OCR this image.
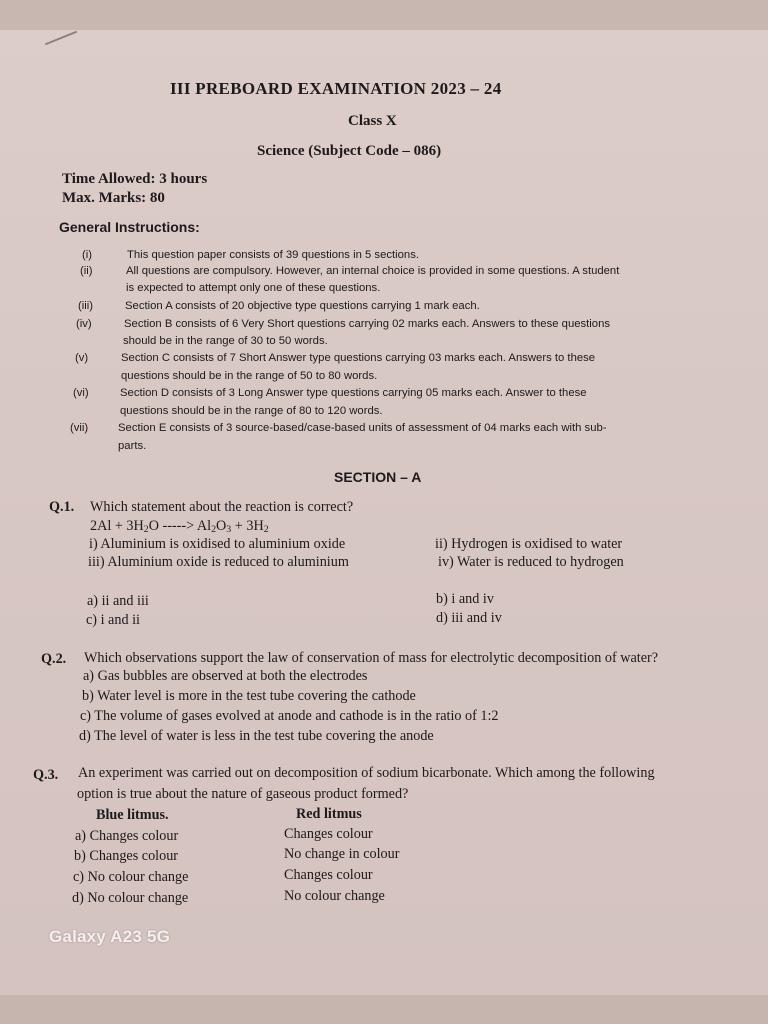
III PREBOARD EXAMINATION 2023 – 24
Class X
Science (Subject Code – 086)
Time Allowed: 3 hours
Max. Marks: 80
General Instructions:
(i)	This question paper consists of 39 questions in 5 sections.
(ii)	All questions are compulsory. However, an internal choice is provided in some questions. A student
is expected to attempt only one of these questions.
(iii)	Section A consists of 20 objective type questions carrying 1 mark each.
(iv)	Section B consists of 6 Very Short questions carrying 02 marks each. Answers to these questions
should be in the range of 30 to 50 words.
(v)	Section C consists of 7 Short Answer type questions carrying 03 marks each. Answers to these
questions should be in the range of 50 to 80 words.
(vi)	Section D consists of 3 Long Answer type questions carrying 05 marks each. Answer to these
questions should be in the range of 80 to 120 words.
(vii)	Section E consists of 3 source-based/case-based units of assessment of 04 marks each with sub-
parts.
SECTION – A
Q.1. Which statement about the reaction is correct?
$2Al + 3H_2O$ -----> $Al_2O_3 + 3H_2$
i) Aluminium is oxidised to aluminium oxide	ii) Hydrogen is oxidised to water
iii) Aluminium oxide is reduced to aluminium	iv) Water is reduced to hydrogen
a) ii and iii	b) i and iv
c) i and ii	d) iii and iv
Q.2. Which observations support the law of conservation of mass for electrolytic decomposition of water?
a) Gas bubbles are observed at both the electrodes
b) Water level is more in the test tube covering the cathode
c) The volume of gases evolved at anode and cathode is in the ratio of 1:2
d) The level of water is less in the test tube covering the anode
Q.3. An experiment was carried out on decomposition of sodium bicarbonate. Which among the following
option is true about the nature of gaseous product formed?
Blue litmus.	Red litmus
a) Changes colour	Changes colour
b) Changes colour	No change in colour
c) No colour change	Changes colour
d) No colour change	No colour change
Galaxy A23 5G
